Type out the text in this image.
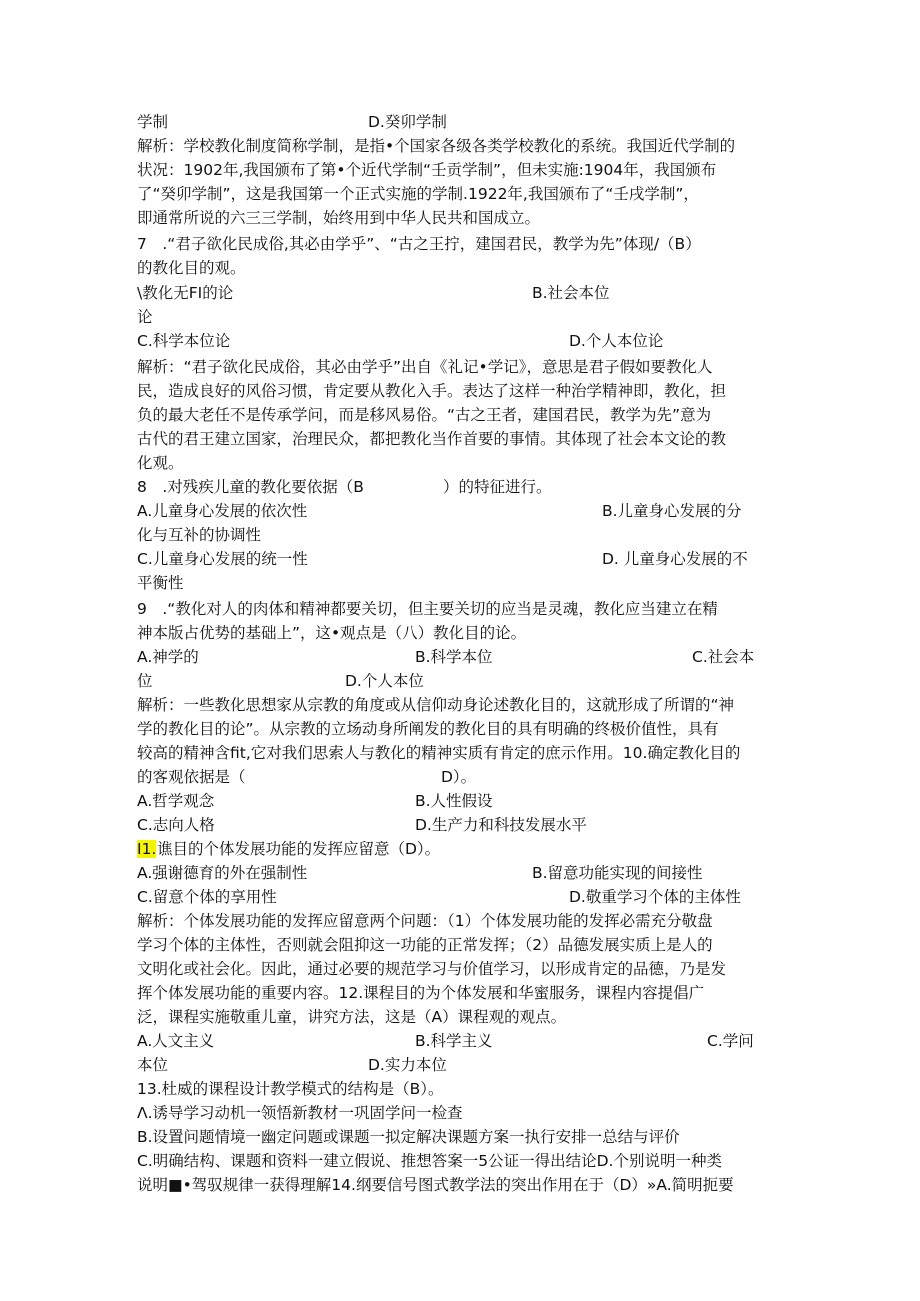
学制	D.癸卯学制
解析：学校教化制度简称学制，是指•个国家各级各类学校教化的系统。我国近代学制的
状况：1902年,我国颁布了第•个近代学制“壬贡学制”，但未实施:1904年，我国颁布
了“癸卯学制”，这是我国第一个正式实施的学制.1922年,我国颁布了“壬戌学制”，
即通常所说的六三三学制，始终用到中华人民共和国成立。
7　.“君子欲化民成俗,其必由学乎”、“古之王拧，建国君民，教学为先”体现/（B）
的教化目的观。
\教化无FI的论	B.社会本位
论
C.科学本位论	D.个人本位论
解析：“君子欲化民成俗，其必由学乎”出自《礼记•学记》，意思是君子假如要教化人
民，造成良好的风俗习惯，肯定要从教化入手。表达了这样一种治学精神即，教化，担
负的最大老任不是传承学问，而是移风易俗。“古之王者，建国君民，教学为先”意为
古代的君王建立国家，治理民众，都把教化当作首要的事情。其体现了社会本文论的教
化观。
8　.对残疾儿童的教化要依据（B	）的特征进行。
A.儿童身心发展的依次性	B.儿童身心发展的分
化与互补的协调性
C.儿童身心发展的统一性	D. 儿童身心发展的不
平衡性
9　.“教化对人的肉体和精神都要关切，但主要关切的应当是灵魂，教化应当建立在精
神本版占优势的基础上”，这•观点是（八）教化目的论。
A.神学的	B.科学本位	C.社会本
位	D.个人本位
解析：一些教化思想家从宗教的角度或从信仰动身论述教化目的，这就形成了所谓的“神
学的教化目的论”。从宗教的立场动身所阐发的教化目的具有明确的终极价值性，具有
较高的精神含fit,它对我们思索人与教化的精神实质有肯定的庶示作用。10.确定教化目的
的客观依据是（	D）。
A.哲学观念	B.人性假设
C.志向人格	D.生产力和科技发展水平
I1. 谯目的个体发展功能的发挥应留意（D）。
A.强谢德育的外在强制性	B.留意功能实现的间接性
C.留意个体的享用性	D.敬重学习个体的主体性
解析：个体发展功能的发挥应留意两个问题：（1）个体发展功能的发挥必需充分敬盘
学习个体的主体性，否则就会阻抑这一功能的正常发挥；（2）品德发展实质上是人的
文明化或社会化。因此，通过必要的规范学习与价值学习，以形成肯定的品德，乃是发
挥个体发展功能的重要内容。12.课程目的为个体发展和华蜜服务，课程内容提倡广
泛，课程实施敬重儿童，讲究方法，这是（A）课程观的观点。
A.人文主义	B.科学主义	C.学问
本位	D.实力本位
13.杜威的课程设计教学模式的结构是（B）。
Λ.诱导学习动机一领悟新教材一巩固学问一检查
B.设置问题情境一幽定问题或课题一拟定解决课题方案一执行安排一总结与评价
C.明确结构、课题和资料一建立假说、推想答案一5公证一得出结论D.个别说明一种类
说明■•驾驭规律一获得理解14.纲要信号图式教学法的突出作用在于（D）»A.简明扼要
